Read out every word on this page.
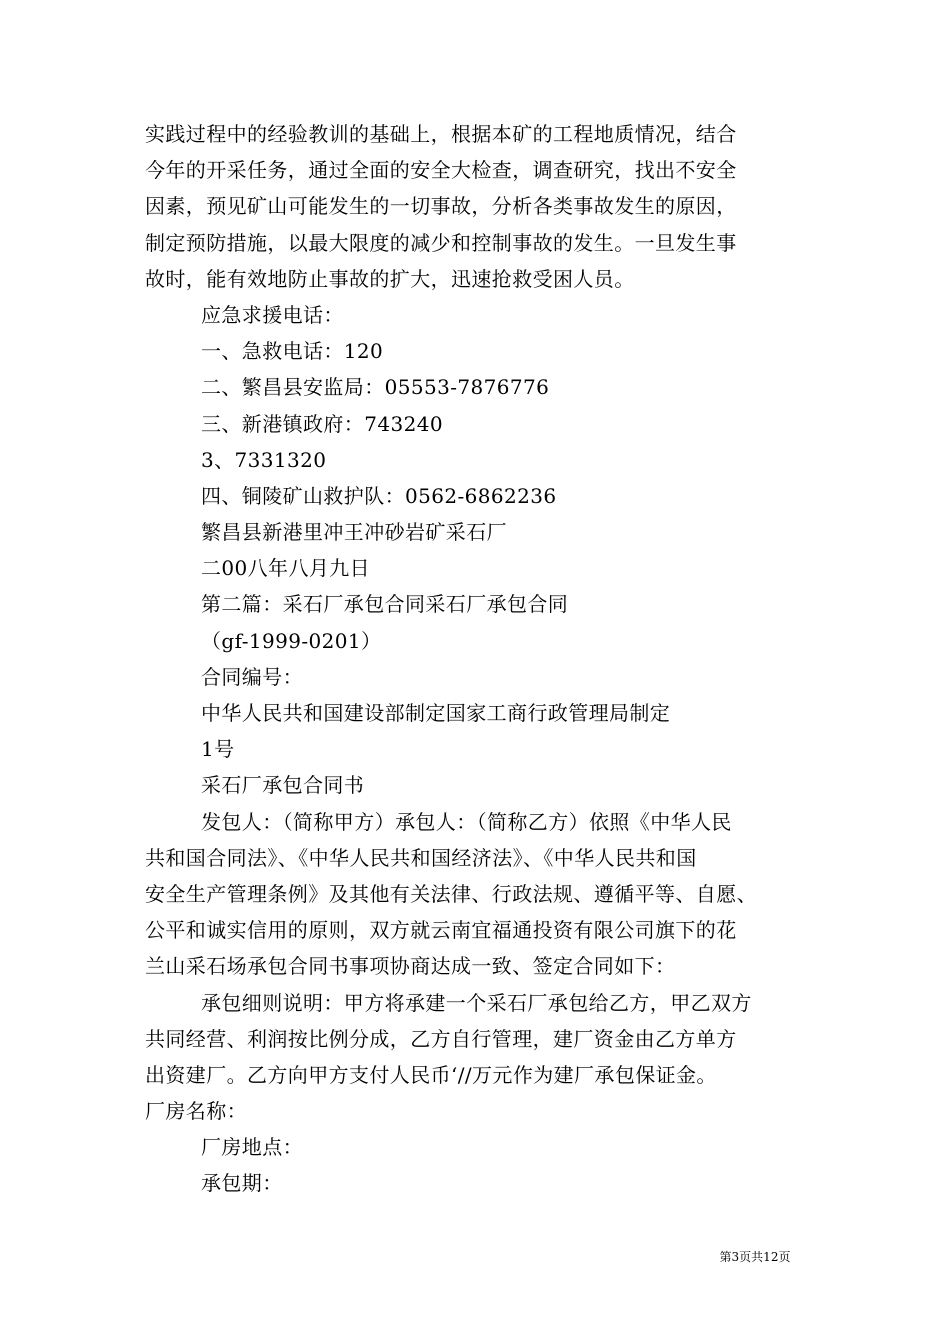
实践过程中的经验教训的基础上，根据本矿的工程地质情况，结合
今年的开采任务，通过全面的安全大检查，调查研究，找出不安全
因素，预见矿山可能发生的一切事故，分析各类事故发生的原因，
制定预防措施，以最大限度的减少和控制事故的发生。一旦发生事
故时，能有效地防止事故的扩大，迅速抢救受困人员。
应急求援电话：
一、急救电话：120
二、繁昌县安监局：05553-7876776
三、新港镇政府：743240
3、7331320
四、铜陵矿山救护队：0562-6862236
繁昌县新港里冲王冲砂岩矿采石厂
二00八年八月九日
第二篇：采石厂承包合同采石厂承包合同
（gf-1999-0201）
合同编号：
中华人民共和国建设部制定国家工商行政管理局制定
1号
采石厂承包合同书
发包人：（简称甲方）承包人：（简称乙方）依照《中华人民
共和国合同法》、《中华人民共和国经济法》、《中华人民共和国
安全生产管理条例》及其他有关法律、行政法规、遵循平等、自愿、
公平和诚实信用的原则，双方就云南宜福通投资有限公司旗下的花
兰山采石场承包合同书事项协商达成一致、签定合同如下：
承包细则说明：甲方将承建一个采石厂承包给乙方，甲乙双方
共同经营、利润按比例分成，乙方自行管理，建厂资金由乙方单方
出资建厂。乙方向甲方支付人民币‘//万元作为建厂承包保证金。
厂房名称：
厂房地点：
承包期：
第3页共12页
